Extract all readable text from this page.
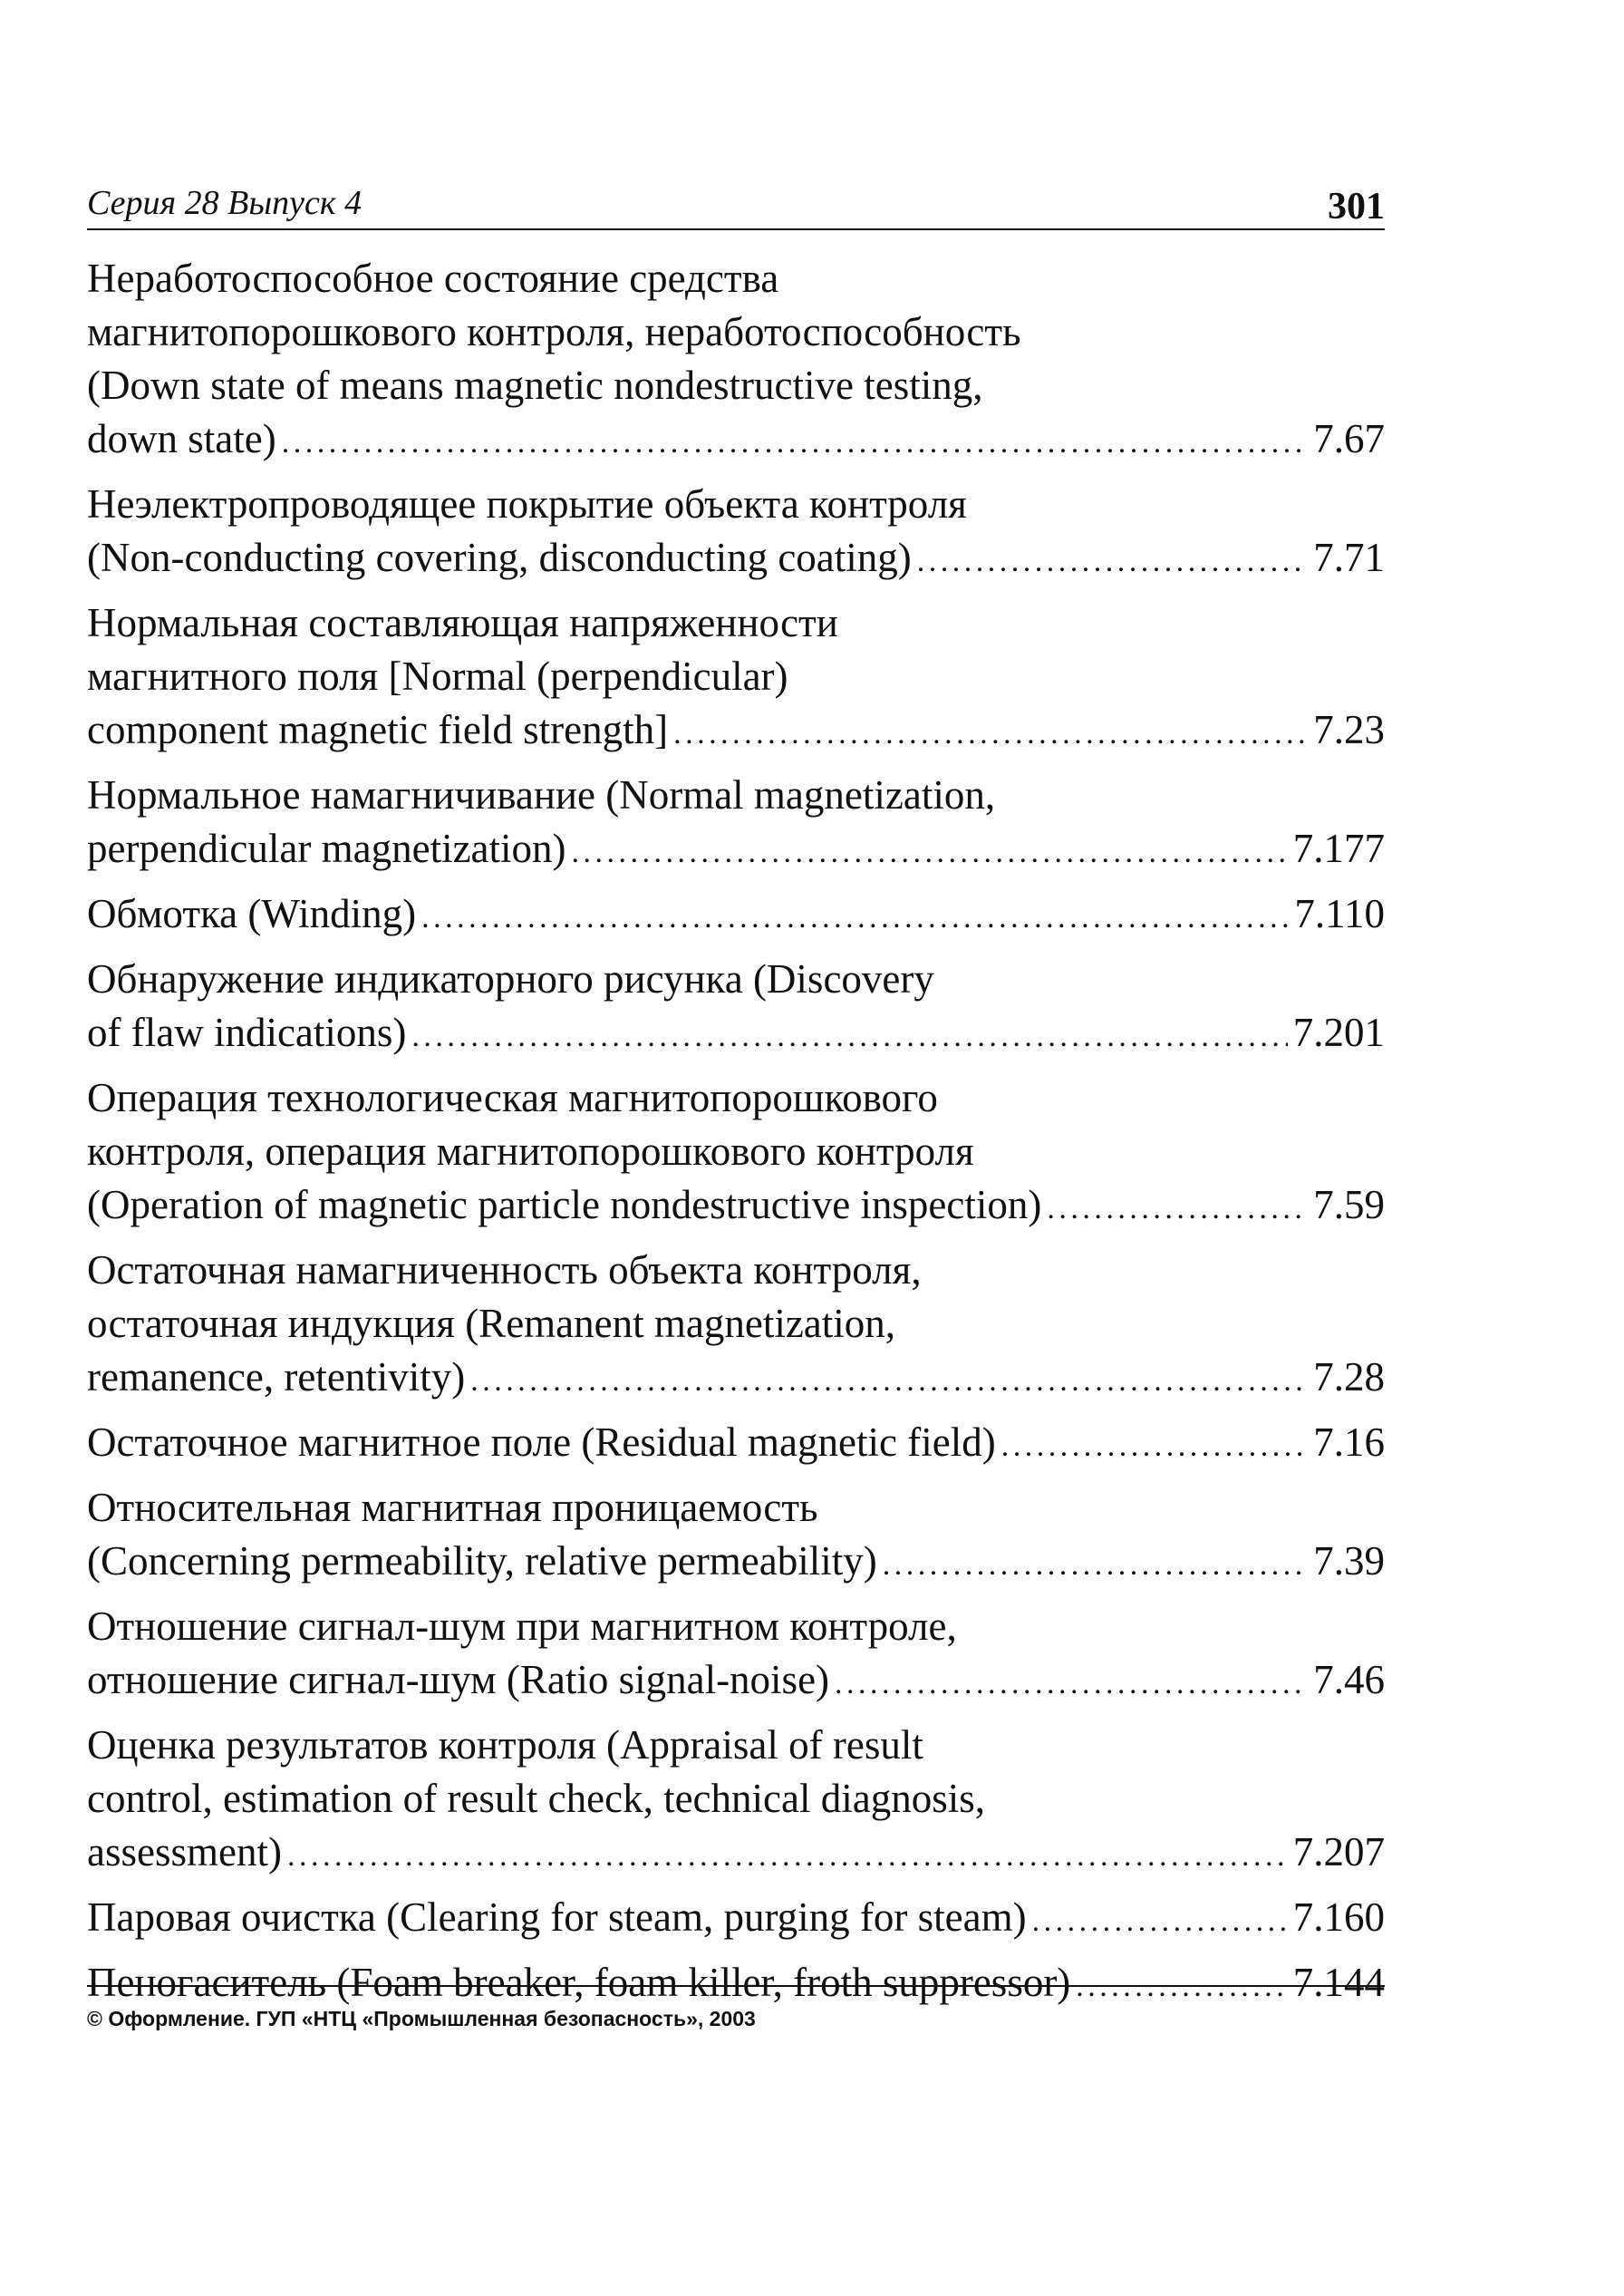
Серия 28 Выпуск 4	301
Неработоспособное состояние средства
магнитопорошкового контроля, неработоспособность
(Down state of means magnetic nondestructive testing,
down state) . . .	7.67
Неэлектропроводящее покрытие объекта контроля
(Non-conducting covering, disconducting coating) . . .	7.71
Нормальная составляющая напряженности
магнитного поля [Normal (perpendicular)
component magnetic field strength] . . .	7.23
Нормальное намагничивание (Normal magnetization,
perpendicular magnetization) . . .	7.177
Обмотка (Winding) . . .	7.110
Обнаружение индикаторного рисунка (Discovery
of flaw indications) . . .	7.201
Операция технологическая магнитопорошкового
контроля, операция магнитопорошкового контроля
(Operation of magnetic particle nondestructive inspection) . . .	7.59
Остаточная намагниченность объекта контроля,
остаточная индукция (Remanent magnetization,
remanence, retentivity) . . .	7.28
Остаточное магнитное поле (Residual magnetic field) . . .	7.16
Относительная магнитная проницаемость
(Concerning permeability, relative permeability) . . .	7.39
Отношение сигнал-шум при магнитном контроле,
отношение сигнал-шум (Ratio signal-noise) . . .	7.46
Оценка результатов контроля (Appraisal of result
control, estimation of result check, technical diagnosis,
assessment) . . .	7.207
Паровая очистка (Clearing for steam, purging for steam) . . .	7.160
Пеногаситель (Foam breaker, foam killer, froth suppressor) . . .	7.144
© Оформление. ГУП «НТЦ «Промышленная безопасность», 2003
